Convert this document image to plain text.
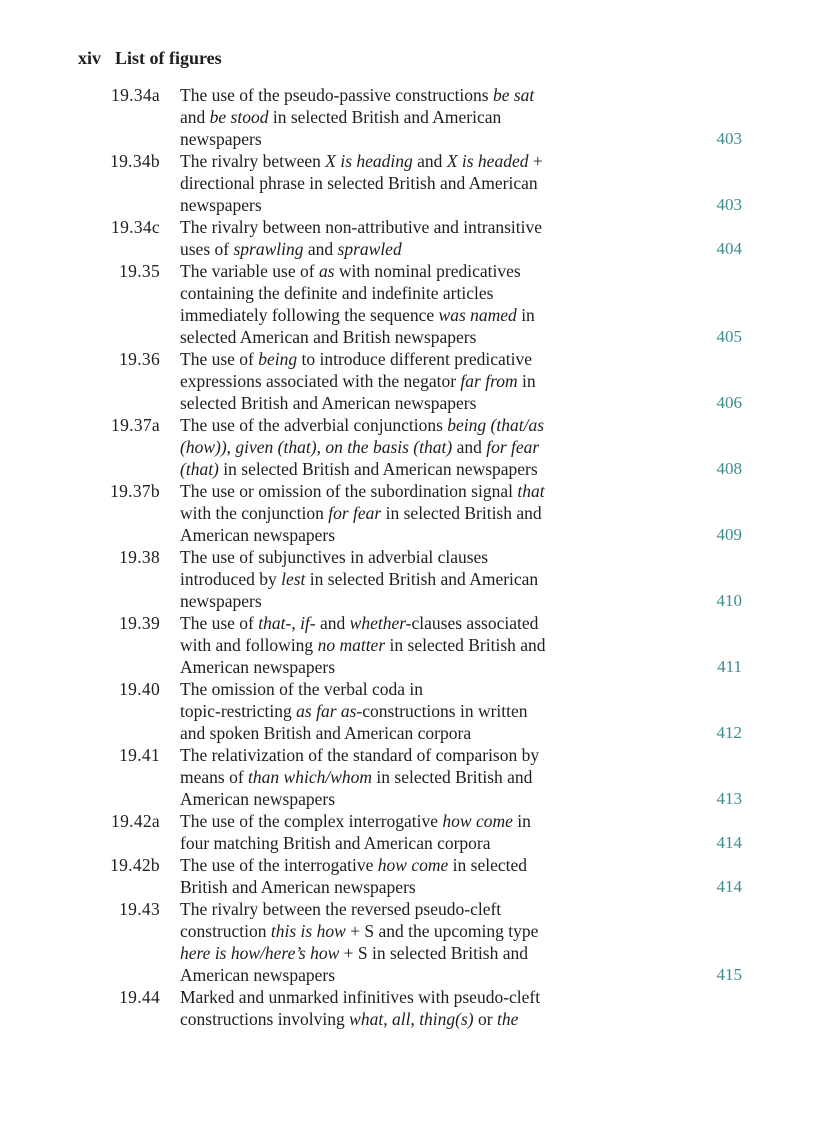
xiv List of figures
19.34a The use of the pseudo-passive constructions be sat
and be stood in selected British and American
newspapers	403
19.34b The rivalry between X is heading and X is headed +
directional phrase in selected British and American
newspapers	403
19.34c The rivalry between non-attributive and intransitive
uses of sprawling and sprawled	404
19.35 The variable use of as with nominal predicatives
containing the definite and indefinite articles
immediately following the sequence was named in
selected American and British newspapers	405
19.36 The use of being to introduce different predicative
expressions associated with the negator far from in
selected British and American newspapers	406
19.37a The use of the adverbial conjunctions being (that/as
(how)), given (that), on the basis (that) and for fear
(that) in selected British and American newspapers	408
19.37b The use or omission of the subordination signal that
with the conjunction for fear in selected British and
American newspapers	409
19.38 The use of subjunctives in adverbial clauses
introduced by lest in selected British and American
newspapers	410
19.39 The use of that-, if- and whether-clauses associated
with and following no matter in selected British and
American newspapers	411
19.40 The omission of the verbal coda in
topic-restricting as far as-constructions in written
and spoken British and American corpora	412
19.41 The relativization of the standard of comparison by
means of than which/whom in selected British and
American newspapers	413
19.42a The use of the complex interrogative how come in
four matching British and American corpora	414
19.42b The use of the interrogative how come in selected
British and American newspapers	414
19.43 The rivalry between the reversed pseudo-cleft
construction this is how + S and the upcoming type
here is how/here’s how + S in selected British and
American newspapers	415
19.44 Marked and unmarked infinitives with pseudo-cleft
constructions involving what, all, thing(s) or the
